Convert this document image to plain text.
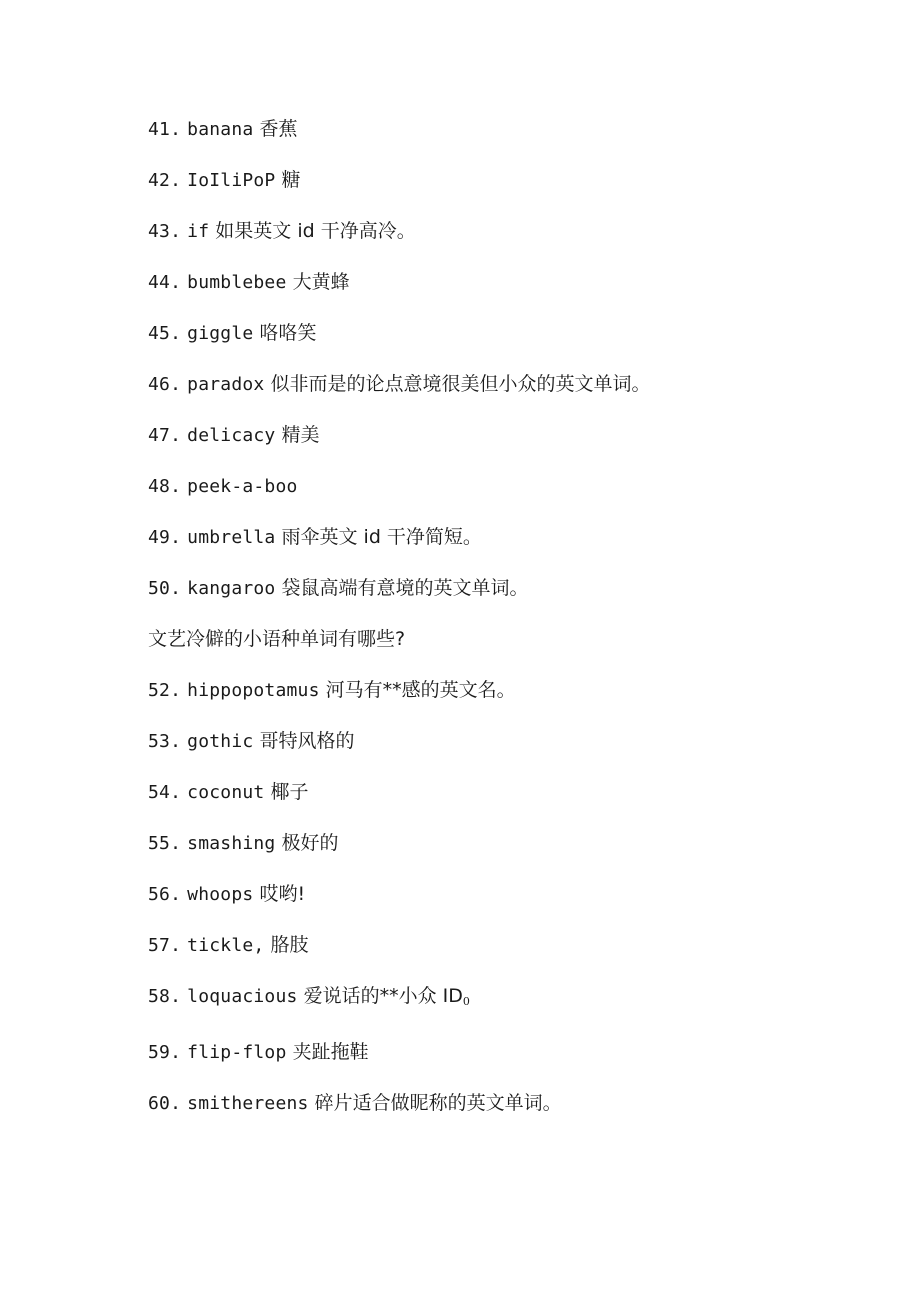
41. banana 香蕉

42. IoIliPoP 糖

43. if 如果英文 id 干净高冷。

44. bumblebee 大黄蜂

45. giggle 咯咯笑

46. paradox 似非而是的论点意境很美但小众的英文单词。

47. delicacy 精美

48. peek-a-boo

49. umbrella 雨伞英文 id 干净简短。

50. kangaroo 袋鼠高端有意境的英文单词。

文艺冷僻的小语种单词有哪些?

52. hippopotamus 河马有**感的英文名。

53. gothic 哥特风格的

54. coconut 椰子

55. smashing 极好的

56. whoops 哎哟!

57. tickle, 胳肢

58. loquacious 爱说话的**小众 $ID_0$

59. flip-flop 夹趾拖鞋

60. smithereens 碎片适合做昵称的英文单词。
